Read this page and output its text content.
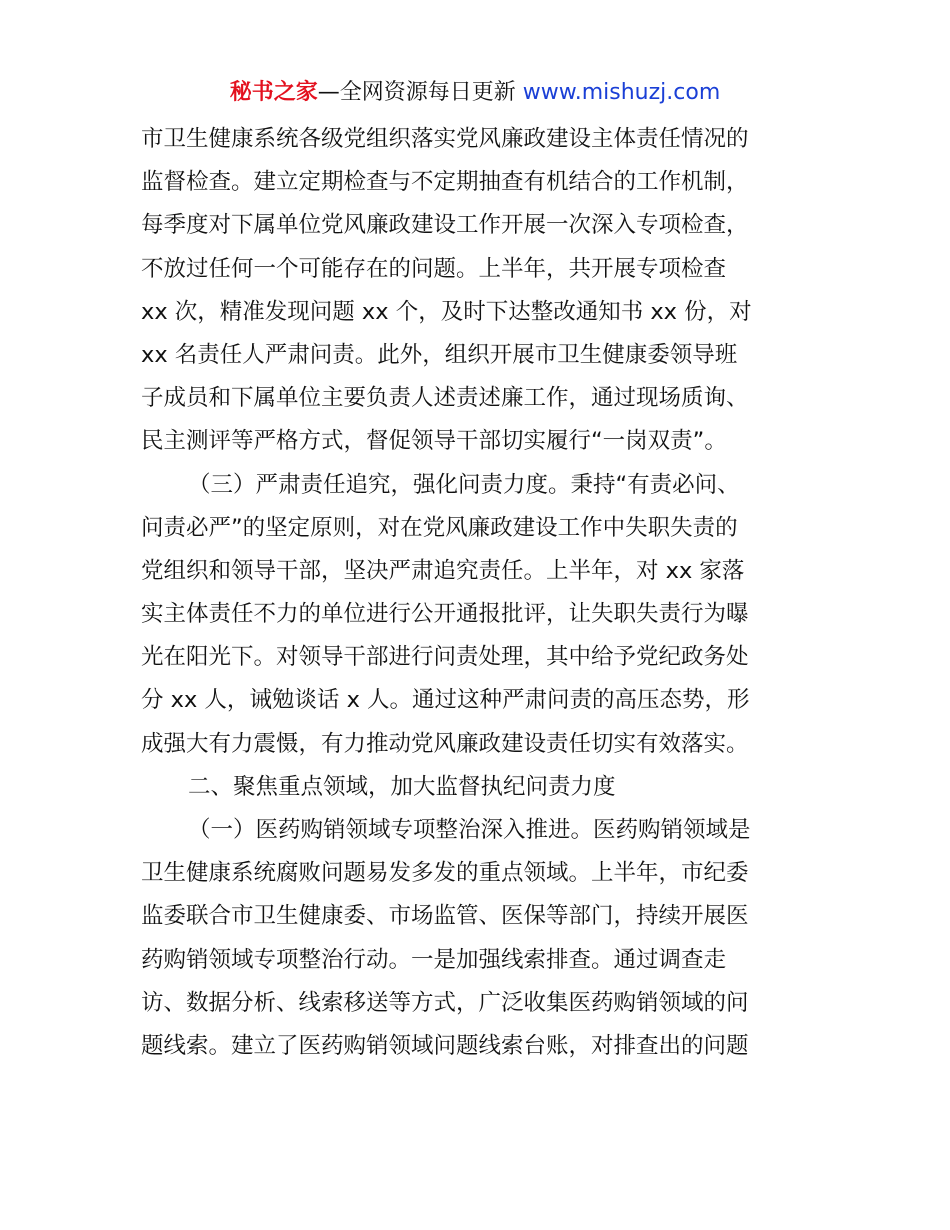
秘书之家—全网资源每日更新 www.mishuzj.com
市卫生健康系统各级党组织落实党风廉政建设主体责任情况的
监督检查。建立定期检查与不定期抽查有机结合的工作机制，
每季度对下属单位党风廉政建设工作开展一次深入专项检查，
不放过任何一个可能存在的问题。上半年，共开展专项检查
xx 次，精准发现问题 xx 个，及时下达整改通知书 xx 份，对
xx 名责任人严肃问责。此外，组织开展市卫生健康委领导班
子成员和下属单位主要负责人述责述廉工作，通过现场质询、
民主测评等严格方式，督促领导干部切实履行“一岗双责”。
（三）严肃责任追究，强化问责力度。秉持“有责必问、
问责必严”的坚定原则，对在党风廉政建设工作中失职失责的
党组织和领导干部，坚决严肃追究责任。上半年，对 xx 家落
实主体责任不力的单位进行公开通报批评，让失职失责行为曝
光在阳光下。对领导干部进行问责处理，其中给予党纪政务处
分 xx 人，诫勉谈话 x 人。通过这种严肃问责的高压态势，形
成强大有力震慑，有力推动党风廉政建设责任切实有效落实。
二、聚焦重点领域，加大监督执纪问责力度
（一）医药购销领域专项整治深入推进。医药购销领域是
卫生健康系统腐败问题易发多发的重点领域。上半年，市纪委
监委联合市卫生健康委、市场监管、医保等部门，持续开展医
药购销领域专项整治行动。一是加强线索排查。通过调查走
访、数据分析、线索移送等方式，广泛收集医药购销领域的问
题线索。建立了医药购销领域问题线索台账，对排查出的问题
